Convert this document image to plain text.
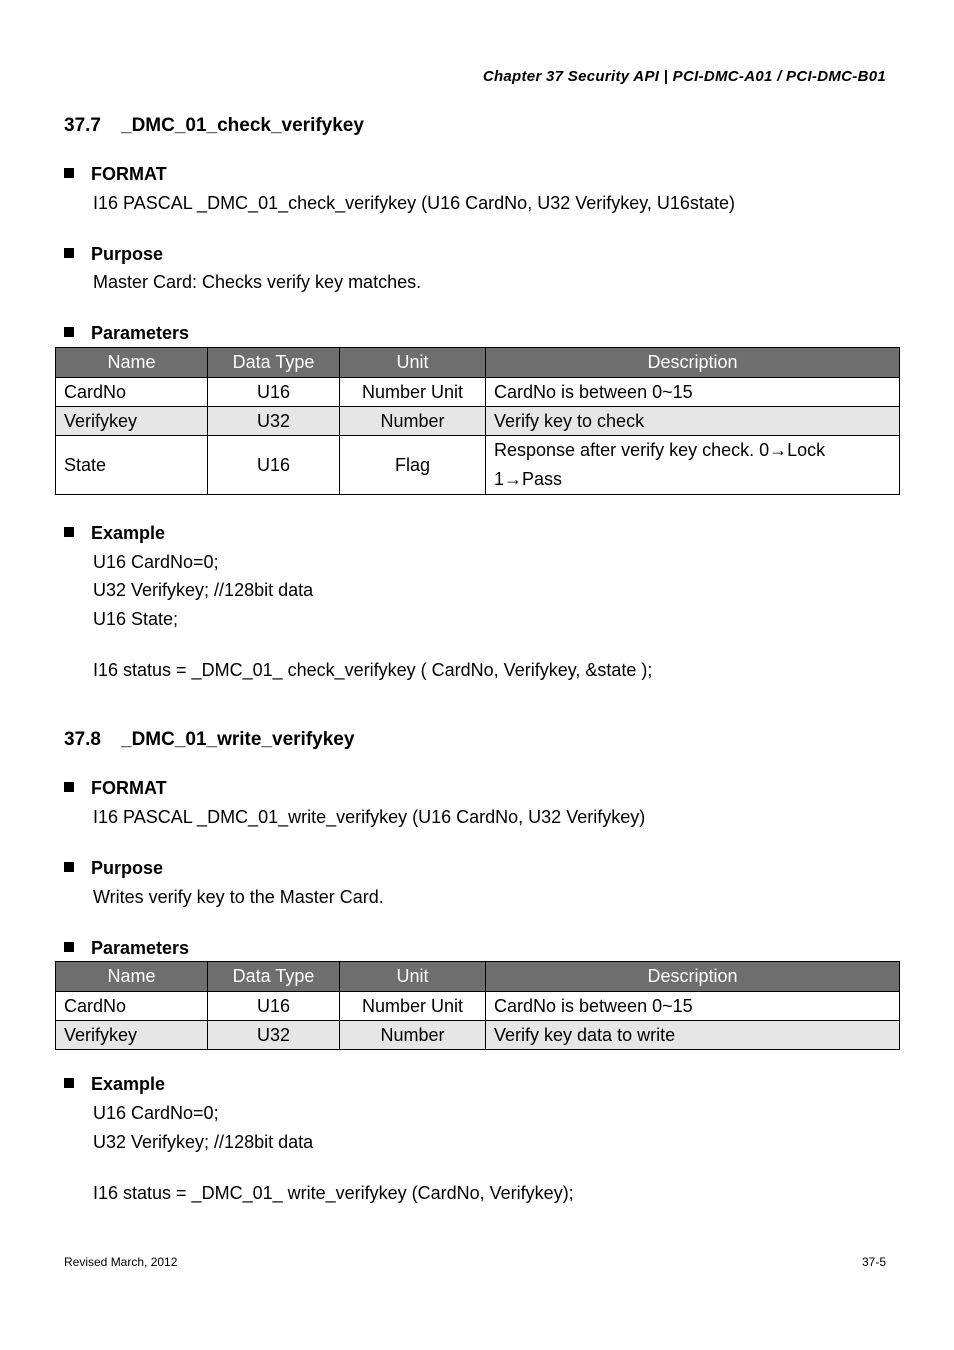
Chapter 37 Security API | PCI-DMC-A01 / PCI-DMC-B01
37.7 _DMC_01_check_verifykey
FORMAT
I16 PASCAL _DMC_01_check_verifykey (U16 CardNo, U32 Verifykey, U16state)
Purpose
Master Card: Checks verify key matches.
Parameters
Name	Data Type	Unit	Description
CardNo	U16	Number Unit	CardNo is between 0~15
Verifykey	U32	Number	Verify key to check
State	U16	Flag	Response after verify key check. 0→Lock
1→Pass
Example
U16 CardNo=0;
U32 Verifykey; //128bit data
U16 State;
I16 status = _DMC_01_ check_verifykey ( CardNo, Verifykey, &state );
37.8 _DMC_01_write_verifykey
FORMAT
I16 PASCAL _DMC_01_write_verifykey (U16 CardNo, U32 Verifykey)
Purpose
Writes verify key to the Master Card.
Parameters
Name	Data Type	Unit	Description
CardNo	U16	Number Unit	CardNo is between 0~15
Verifykey	U32	Number	Verify key data to write
Example
U16 CardNo=0;
U32 Verifykey; //128bit data
I16 status = _DMC_01_ write_verifykey (CardNo, Verifykey);
Revised March, 2012	37-5
